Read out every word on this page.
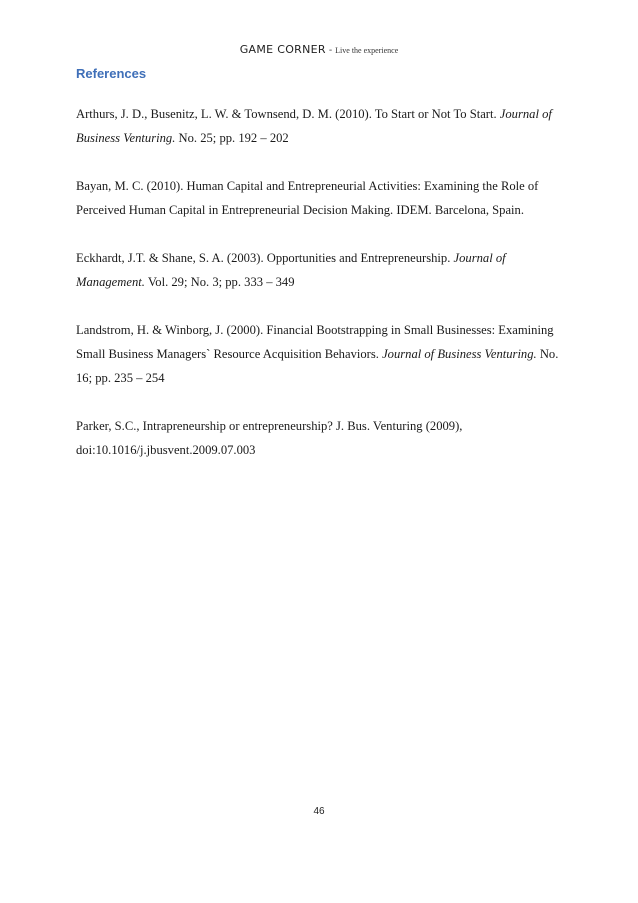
GAME CORNER - Live the experience
References

Arthurs, J. D., Busenitz, L. W. & Townsend, D. M. (2010). To Start or Not To Start. Journal of Business Venturing. No. 25; pp. 192 – 202

Bayan, M. C. (2010). Human Capital and Entrepreneurial Activities: Examining the Role of Perceived Human Capital in Entrepreneurial Decision Making. IDEM. Barcelona, Spain.

Eckhardt, J.T. & Shane, S. A. (2003). Opportunities and Entrepreneurship. Journal of Management. Vol. 29; No. 3; pp. 333 – 349

Landstrom, H. & Winborg, J. (2000). Financial Bootstrapping in Small Businesses: Examining Small Business Managers` Resource Acquisition Behaviors. Journal of Business Venturing. No. 16; pp. 235 – 254

Parker, S.C., Intrapreneurship or entrepreneurship? J. Bus. Venturing (2009), doi:10.1016/j.jbusvent.2009.07.003

46
